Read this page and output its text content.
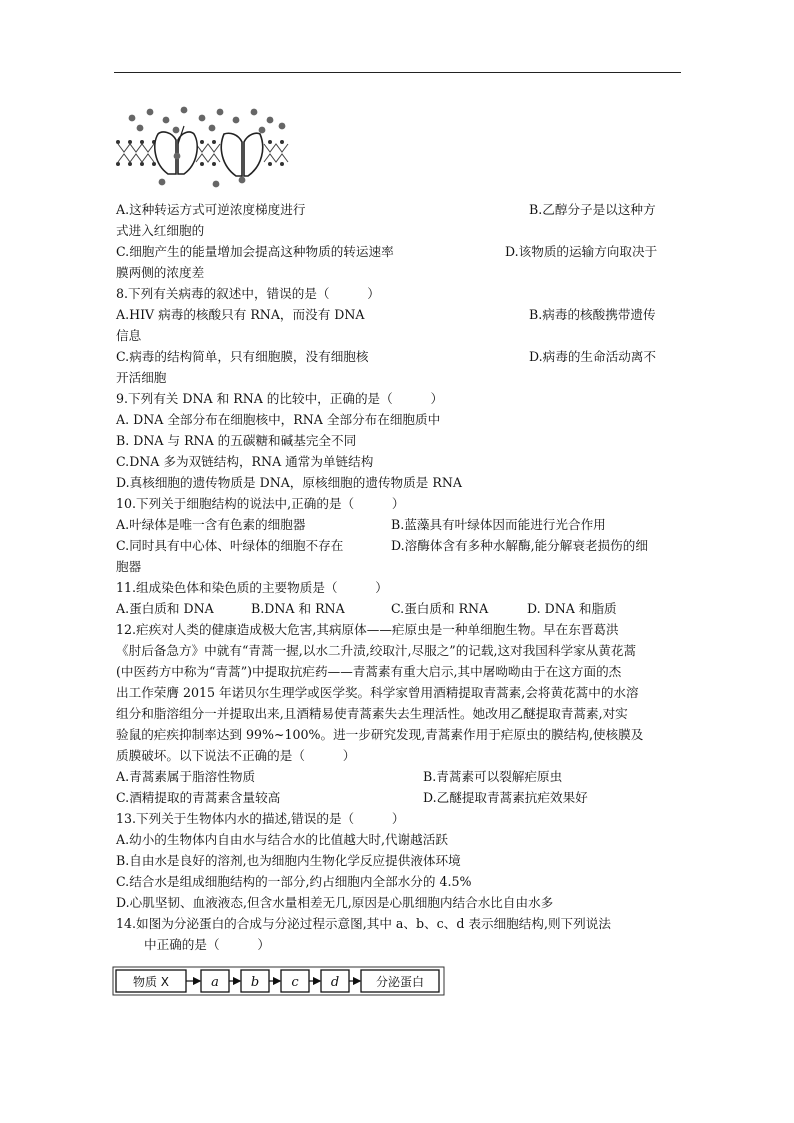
A.这种转运方式可逆浓度梯度进行	B.乙醇分子是以这种方
式进入红细胞的
C.细胞产生的能量增加会提高这种物质的转运速率	D.该物质的运输方向取决于
膜两侧的浓度差
8.下列有关病毒的叙述中，错误的是（　　　）
A.HIV 病毒的核酸只有 RNA，而没有 DNA	B.病毒的核酸携带遗传
信息
C.病毒的结构简单，只有细胞膜，没有细胞核	D.病毒的生命活动离不
开活细胞
9.下列有关 DNA 和 RNA 的比较中，正确的是（　　　）
A. DNA 全部分布在细胞核中，RNA 全部分布在细胞质中
B. DNA 与 RNA 的五碳糖和碱基完全不同
C.DNA 多为双链结构，RNA 通常为单链结构
D.真核细胞的遗传物质是 DNA，原核细胞的遗传物质是 RNA
10.下列关于细胞结构的说法中,正确的是（　　　）
A.叶绿体是唯一含有色素的细胞器	B.蓝藻具有叶绿体因而能进行光合作用
C.同时具有中心体、叶绿体的细胞不存在	D.溶酶体含有多种水解酶,能分解衰老损伤的细
胞器
11.组成染色体和染色质的主要物质是（　　　）
A.蛋白质和 DNA	B.DNA 和 RNA	C.蛋白质和 RNA	D. DNA 和脂质
12.疟疾对人类的健康造成极大危害,其病原体——疟原虫是一种单细胞生物。早在东晋葛洪
《肘后备急方》中就有“青蒿一握,以水二升渍,绞取汁,尽服之”的记载,这对我国科学家从黄花蒿
(中医药方中称为“青蒿”)中提取抗疟药——青蒿素有重大启示,其中屠呦呦由于在这方面的杰
出工作荣膺 2015 年诺贝尔生理学或医学奖。科学家曾用酒精提取青蒿素,会将黄花蒿中的水溶
组分和脂溶组分一并提取出来,且酒精易使青蒿素失去生理活性。她改用乙醚提取青蒿素,对实
验鼠的疟疾抑制率达到 99%~100%。进一步研究发现,青蒿素作用于疟原虫的膜结构,使核膜及
质膜破坏。以下说法不正确的是（　　　）
A.青蒿素属于脂溶性物质	B.青蒿素可以裂解疟原虫
C.酒精提取的青蒿素含量较高	D.乙醚提取青蒿素抗疟效果好
13.下列关于生物体内水的描述,错误的是（　　　）
A.幼小的生物体内自由水与结合水的比值越大时,代谢越活跃
B.自由水是良好的溶剂,也为细胞内生物化学反应提供液体环境
C.结合水是组成细胞结构的一部分,约占细胞内全部水分的 4.5%
D.心肌坚韧、血液液态,但含水量相差无几,原因是心肌细胞内结合水比自由水多
14.如图为分泌蛋白的合成与分泌过程示意图,其中 a、b、c、d 表示细胞结构,则下列说法
中正确的是（　　　）
物质 X	a b c d	分泌蛋白
